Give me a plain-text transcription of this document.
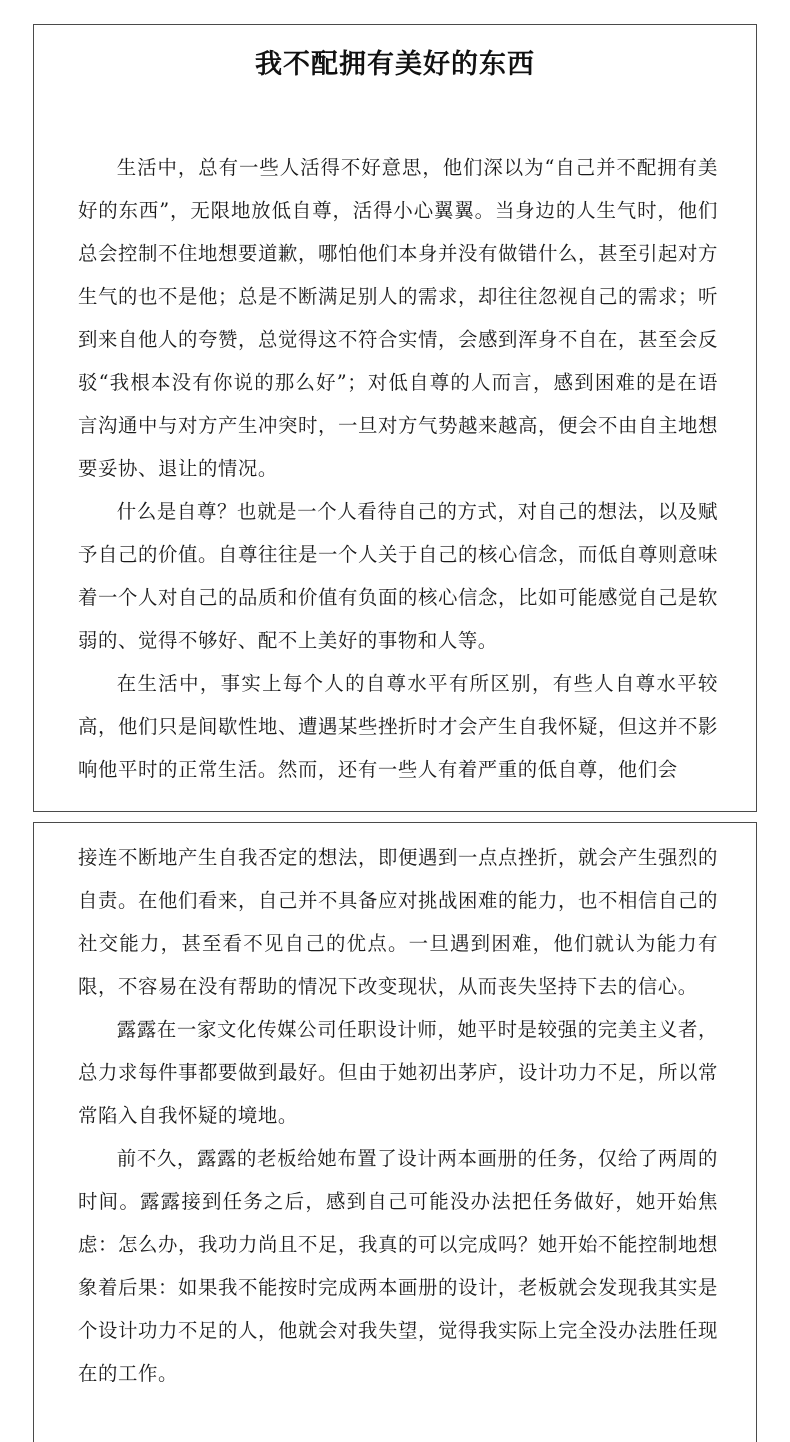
我不配拥有美好的东西

生活中，总有一些人活得不好意思，他们深以为“自己并不配拥有美好的东西”，无限地放低自尊，活得小心翼翼。当身边的人生气时，他们总会控制不住地想要道歉，哪怕他们本身并没有做错什么，甚至引起对方生气的也不是他；总是不断满足别人的需求，却往往忽视自己的需求；听到来自他人的夸赞，总觉得这不符合实情，会感到浑身不自在，甚至会反驳“我根本没有你说的那么好”；对低自尊的人而言，感到困难的是在语言沟通中与对方产生冲突时，一旦对方气势越来越高，便会不由自主地想要妥协、退让的情况。

什么是自尊？也就是一个人看待自己的方式，对自己的想法，以及赋予自己的价值。自尊往往是一个人关于自己的核心信念，而低自尊则意味着一个人对自己的品质和价值有负面的核心信念，比如可能感觉自己是软弱的、觉得不够好、配不上美好的事物和人等。

在生活中，事实上每个人的自尊水平有所区别，有些人自尊水平较高，他们只是间歇性地、遭遇某些挫折时才会产生自我怀疑，但这并不影响他平时的正常生活。然而，还有一些人有着严重的低自尊，他们会

接连不断地产生自我否定的想法，即便遇到一点点挫折，就会产生强烈的自责。在他们看来，自己并不具备应对挑战困难的能力，也不相信自己的社交能力，甚至看不见自己的优点。一旦遇到困难，他们就认为能力有限，不容易在没有帮助的情况下改变现状，从而丧失坚持下去的信心。

露露在一家文化传媒公司任职设计师，她平时是较强的完美主义者，总力求每件事都要做到最好。但由于她初出茅庐，设计功力不足，所以常常陷入自我怀疑的境地。

前不久，露露的老板给她布置了设计两本画册的任务，仅给了两周的时间。露露接到任务之后，感到自己可能没办法把任务做好，她开始焦虑：怎么办，我功力尚且不足，我真的可以完成吗？她开始不能控制地想象着后果：如果我不能按时完成两本画册的设计，老板就会发现我其实是个设计功力不足的人，他就会对我失望，觉得我实际上完全没办法胜任现在的工作。
